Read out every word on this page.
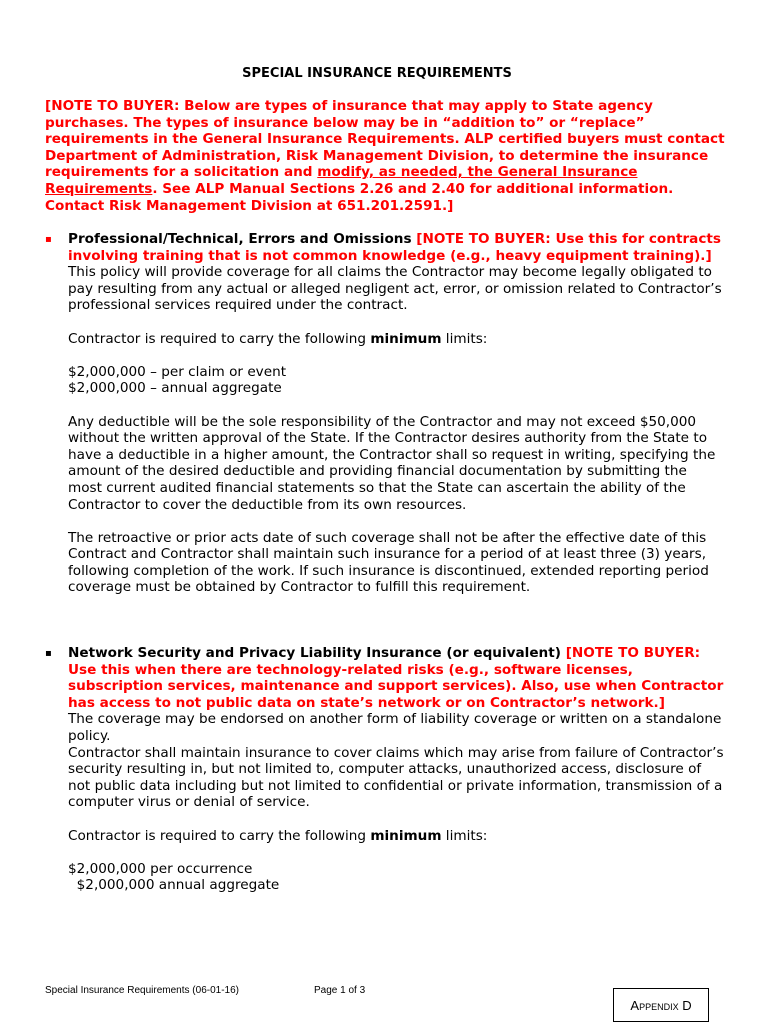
SPECIAL INSURANCE REQUIREMENTS
[NOTE TO BUYER: Below are types of insurance that may apply to State agency purchases. The types of insurance below may be in “addition to” or “replace” requirements in the General Insurance Requirements. ALP certified buyers must contact Department of Administration, Risk Management Division, to determine the insurance requirements for a solicitation and modify, as needed, the General Insurance Requirements. See ALP Manual Sections 2.26 and 2.40 for additional information. Contact Risk Management Division at 651.201.2591.]
▪ Professional/Technical, Errors and Omissions [NOTE TO BUYER: Use this for contracts involving training that is not common knowledge (e.g., heavy equipment training).]

This policy will provide coverage for all claims the Contractor may become legally obligated to pay resulting from any actual or alleged negligent act, error, or omission related to Contractor’s professional services required under the contract.

Contractor is required to carry the following minimum limits:

$2,000,000 – per claim or event

$2,000,000 – annual aggregate

Any deductible will be the sole responsibility of the Contractor and may not exceed $50,000 without the written approval of the State. If the Contractor desires authority from the State to have a deductible in a higher amount, the Contractor shall so request in writing, specifying the amount of the desired deductible and providing financial documentation by submitting the most current audited financial statements so that the State can ascertain the ability of the Contractor to cover the deductible from its own resources.

The retroactive or prior acts date of such coverage shall not be after the effective date of this Contract and Contractor shall maintain such insurance for a period of at least three (3) years, following completion of the work. If such insurance is discontinued, extended reporting period coverage must be obtained by Contractor to fulfill this requirement.

▪ Network Security and Privacy Liability Insurance (or equivalent) [NOTE TO BUYER: Use this when there are technology-related risks (e.g., software licenses, subscription services, maintenance and support services). Also, use when Contractor has access to not public data on state’s network or on Contractor’s network.]

The coverage may be endorsed on another form of liability coverage or written on a standalone policy.

Contractor shall maintain insurance to cover claims which may arise from failure of Contractor’s security resulting in, but not limited to, computer attacks, unauthorized access, disclosure of not public data including but not limited to confidential or private information, transmission of a computer virus or denial of service.

Contractor is required to carry the following minimum limits:

$2,000,000 per occurrence

$2,000,000 annual aggregate

Special Insurance Requirements (06-01-16)	Page 1 of 3
Appendix D
